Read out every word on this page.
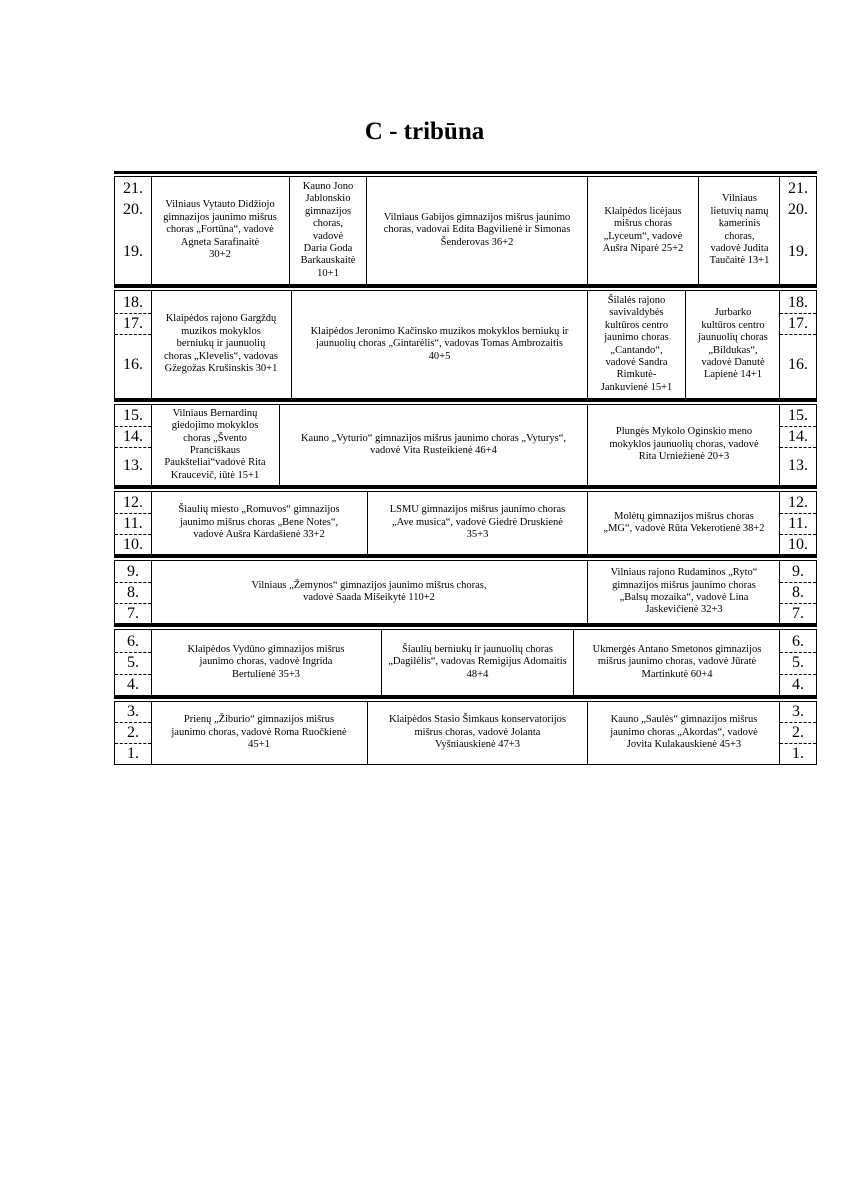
C - tribūna
21.
20.
19.
Vilniaus Vytauto Didžiojo
gimnazijos jaunimo mišrus
choras „Fortūna“, vadovė
Agneta Sarafinaitė
30+2
Kauno Jono
Jablonskio
gimnazijos
choras,
vadovė
Daria Goda
Barkauskaitė
10+1
Vilniaus Gabijos gimnazijos mišrus jaunimo
choras, vadovai Edita Bagvilienė ir Simonas
Šenderovas 36+2
Klaipėdos licėjaus
mišrus choras
„Lyceum“, vadovė
Aušra Niparė 25+2
Vilniaus
lietuvių namų
kamerinis
choras,
vadovė Judita
Taučaitė 13+1
21.
20.
19.
18.
17.
16.
Klaipėdos rajono Gargždų
muzikos mokyklos
berniukų ir jaunuolių
choras „Klevelis“, vadovas
Gžegožas Krušinskis 30+1
Klaipėdos Jeronimo Kačinsko muzikos mokyklos berniukų ir
jaunuolių choras „Gintarėlis“, vadovas Tomas Ambrozaitis
40+5
Šilalės rajono
savivaldybės
kultūros centro
jaunimo choras
„Cantando“,
vadovė Sandra
Rimkutė-
Jankuvienė 15+1
Jurbarko
kultūros centro
jaunuolių choras
„Bildukas“,
vadovė Danutė
Lapienė 14+1
18.
17.
16.
15.
14.
13.
Vilniaus Bernardinų
giedojimo mokyklos
choras „Švento
Pranciškaus
Paukšteliai“vadovė Rita
Kraucevič, iūtė 15+1
Kauno „Vyturio“ gimnazijos mišrus jaunimo choras „Vyturys“,
vadovė Vita Rusteikienė 46+4
Plungės Mykolo Oginskio meno
mokyklos jaunuolių choras, vadovė
Rita Urniežienė 20+3
15.
14.
13.
12.
11.
10.
Šiaulių miesto „Romuvos“ gimnazijos
jaunimo mišrus choras „Bene Notes“,
vadovė Aušra Kardašienė 33+2
LSMU gimnazijos mišrus jaunimo choras
„Ave musica“, vadovė Giedrė Druskienė
35+3
Molėtų gimnazijos mišrus choras
„MG“, vadovė Rūta Vekerotienė 38+2
12.
11.
10.
9.
8.
7.
Vilniaus „Žemynos“ gimnazijos jaunimo mišrus choras,
vadovė Saada Mišeikytė 110+2
Vilniaus rajono Rudaminos „Ryto“
gimnazijos mišrus jaunimo choras
„Balsų mozaika“, vadovė Lina
Jaskevičienė 32+3
9.
8.
7.
6.
5.
4.
Klaipėdos Vydūno gimnazijos mišrus
jaunimo choras, vadovė Ingrida
Bertulienė 35+3
Šiaulių berniukų ir jaunuolių choras
„Dagilėlis“, vadovas Remigijus Adomaitis
48+4
Ukmergės Antano Smetonos gimnazijos
mišrus jaunimo choras, vadovė Jūratė
Martinkutė 60+4
6.
5.
4.
3.
2.
1.
Prienų „Žiburio“ gimnazijos mišrus
jaunimo choras, vadovė Roma Ruočkienė
45+1
Klaipėdos Stasio Šimkaus konservatorijos
mišrus choras, vadovė Jolanta
Vyšniauskienė 47+3
Kauno „Saulės“ gimnazijos mišrus
jaunimo choras „Akordas“, vadovė
Jovita Kulakauskienė 45+3
3.
2.
1.
